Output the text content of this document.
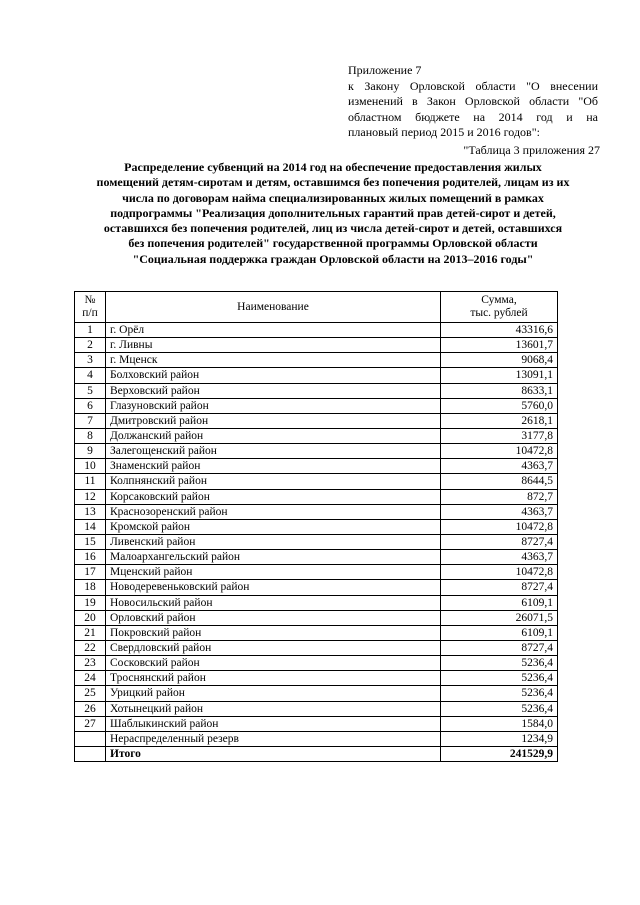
Приложение 7
к Закону Орловской области "О внесении
изменений в Закон Орловской области "Об
областном бюджете на 2014 год и на
плановый период 2015 и 2016 годов":
"Таблица 3 приложения 27
Распределение субвенций на 2014 год на обеспечение предоставления жилых помещений детям-сиротам и детям, оставшимся без попечения родителей, лицам из их числа по договорам найма специализированных жилых помещений в рамках подпрограммы "Реализация дополнительных гарантий прав детей-сирот и детей, оставшихся без попечения родителей, лиц из числа детей-сирот и детей, оставшихся без попечения родителей" государственной программы Орловской области "Социальная поддержка граждан Орловской области на 2013–2016 годы"
№
п/п	Наименование	Сумма,
тыс. рублей
1	г. Орёл	43316,6
2	г. Ливны	13601,7
3	г. Мценск	9068,4
4	Болховский район	13091,1
5	Верховский район	8633,1
6	Глазуновский район	5760,0
7	Дмитровский район	2618,1
8	Должанский район	3177,8
9	Залегощенский район	10472,8
10	Знаменский район	4363,7
11	Колпнянский район	8644,5
12	Корсаковский район	872,7
13	Краснозоренский район	4363,7
14	Кромской район	10472,8
15	Ливенский район	8727,4
16	Малоархангельский район	4363,7
17	Мценский район	10472,8
18	Новодеревеньковский район	8727,4
19	Новосильский район	6109,1
20	Орловский район	26071,5
21	Покровский район	6109,1
22	Свердловский район	8727,4
23	Сосковский район	5236,4
24	Троснянский район	5236,4
25	Урицкий район	5236,4
26	Хотынецкий район	5236,4
27	Шаблыкинский район	1584,0
	Нераспределенный резерв	1234,9
	Итого	241529,9
